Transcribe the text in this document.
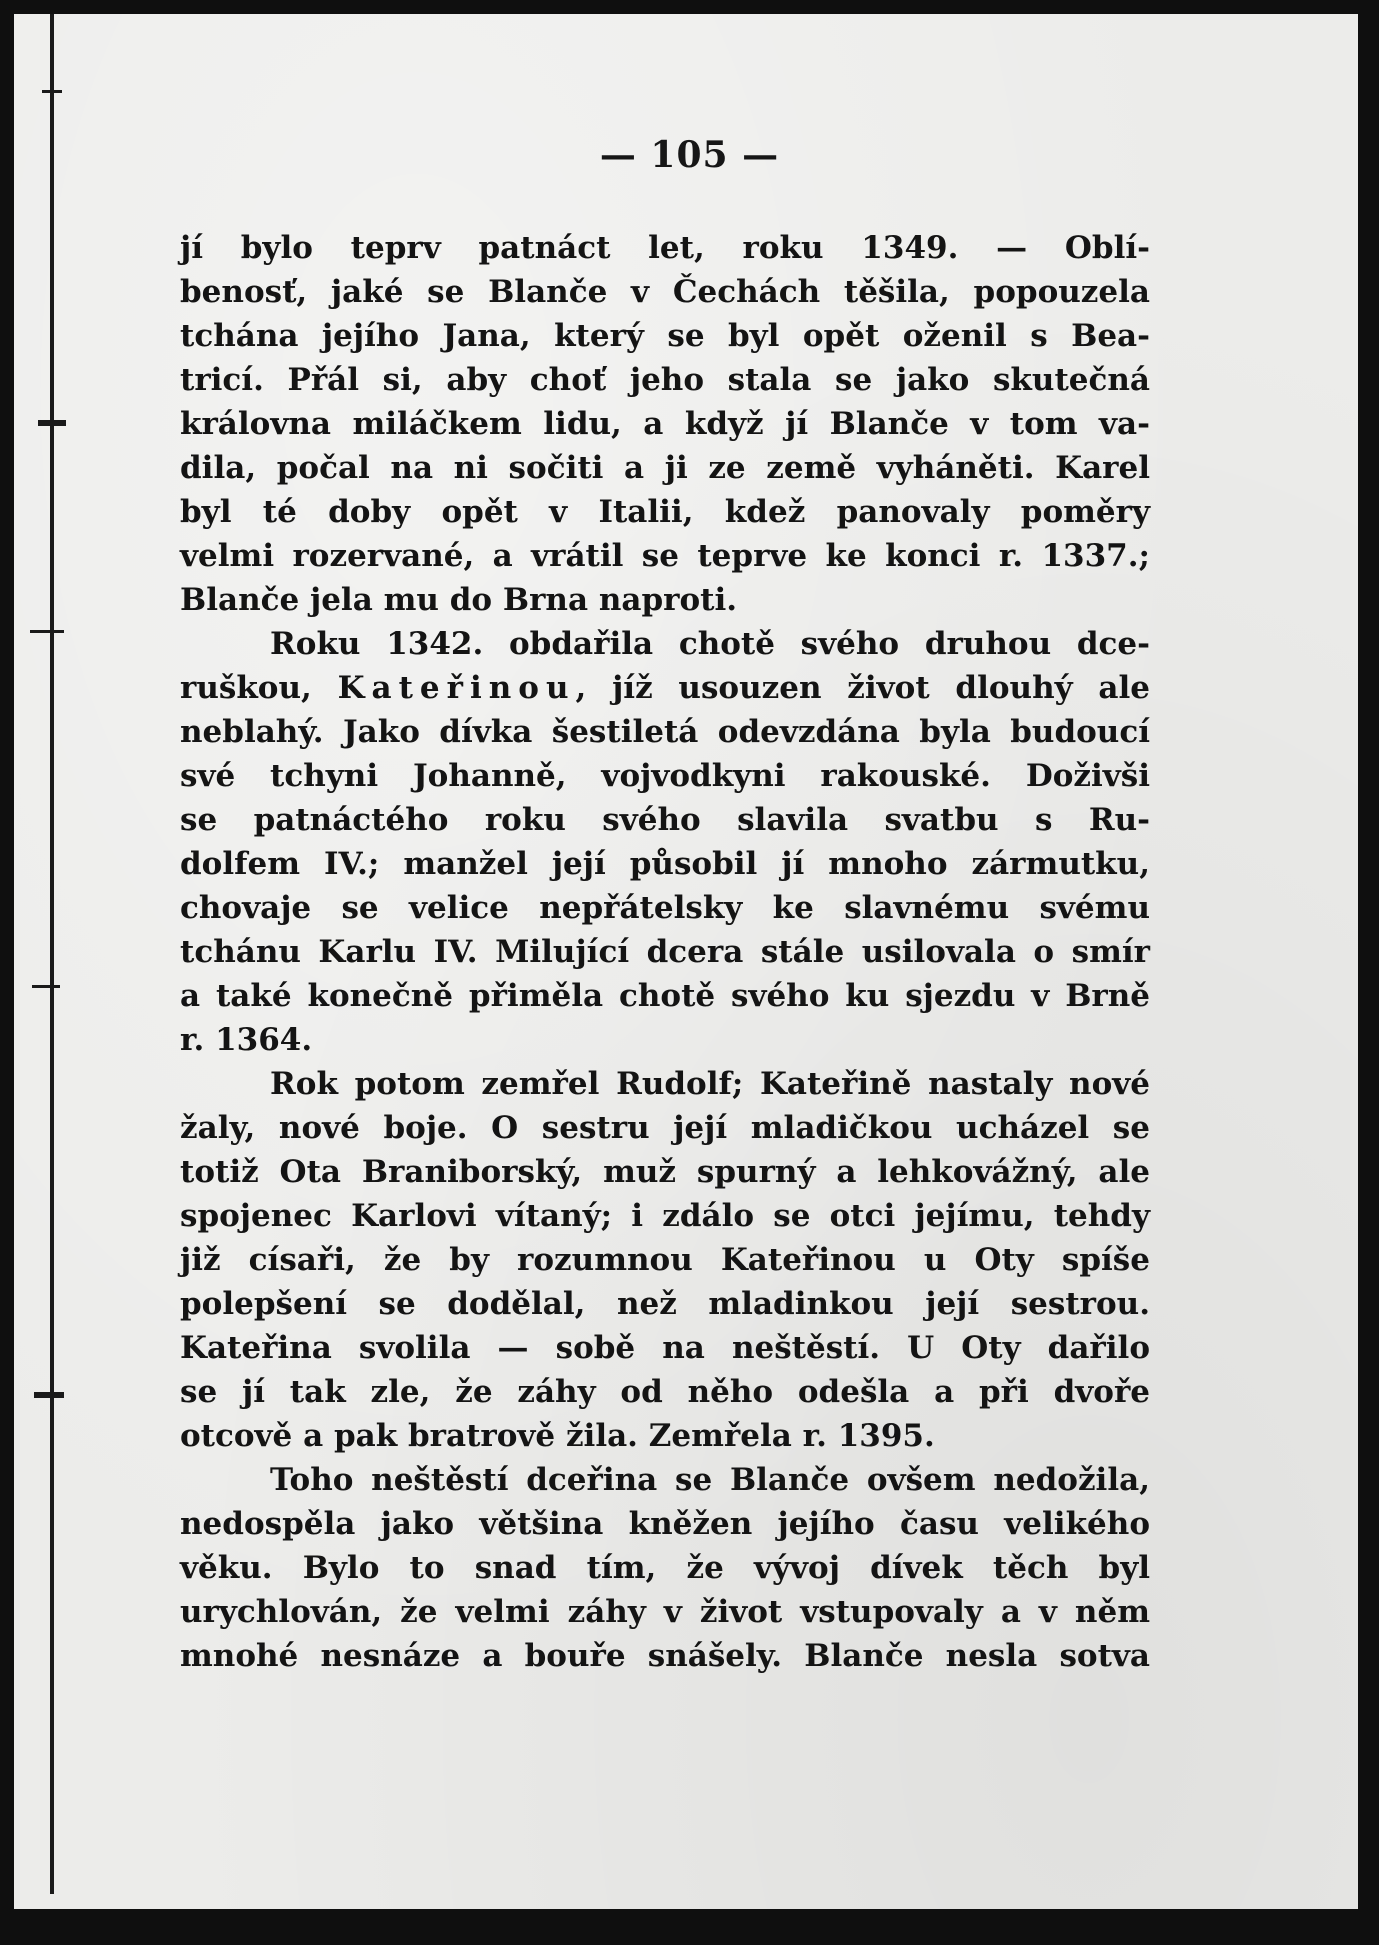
— 105 —
jí bylo teprv patnáct let, roku 1349. — Oblí-
benosť, jaké se Blanče v Čechách těšila, popouzela
tchána jejího Jana, který se byl opět oženil s Bea-
tricí. Přál si, aby choť jeho stala se jako skutečná
královna miláčkem lidu, a když jí Blanče v tom va-
dila, počal na ni sočiti a ji ze země vyháněti. Karel
byl té doby opět v Italii, kdež panovaly poměry
velmi rozervané, a vrátil se teprve ke konci r. 1337.;
Blanče jela mu do Brna naproti.
Roku 1342. obdařila chotě svého druhou dce-
ruškou, Kateřinou, jíž usouzen život dlouhý ale
neblahý. Jako dívka šestiletá odevzdána byla budoucí
své tchyni Johanně, vojvodkyni rakouské. Doživši
se patnáctého roku svého slavila svatbu s Ru-
dolfem IV.; manžel její působil jí mnoho zármutku,
chovaje se velice nepřátelsky ke slavnému svému
tchánu Karlu IV. Milující dcera stále usilovala o smír
a také konečně přiměla chotě svého ku sjezdu v Brně
r. 1364.
Rok potom zemřel Rudolf; Kateřině nastaly nové
žaly, nové boje. O sestru její mladičkou ucházel se
totiž Ota Braniborský, muž spurný a lehkovážný, ale
spojenec Karlovi vítaný; i zdálo se otci jejímu, tehdy
již císaři, že by rozumnou Kateřinou u Oty spíše
polepšení se dodělal, než mladinkou její sestrou.
Kateřina svolila — sobě na neštěstí. U Oty dařilo
se jí tak zle, že záhy od něho odešla a při dvoře
otcově a pak bratrově žila. Zemřela r. 1395.
Toho neštěstí dceřina se Blanče ovšem nedožila,
nedospěla jako většina kněžen jejího času velikého
věku. Bylo to snad tím, že vývoj dívek těch byl
urychlován, že velmi záhy v život vstupovaly a v něm
mnohé nesnáze a bouře snášely. Blanče nesla sotva
